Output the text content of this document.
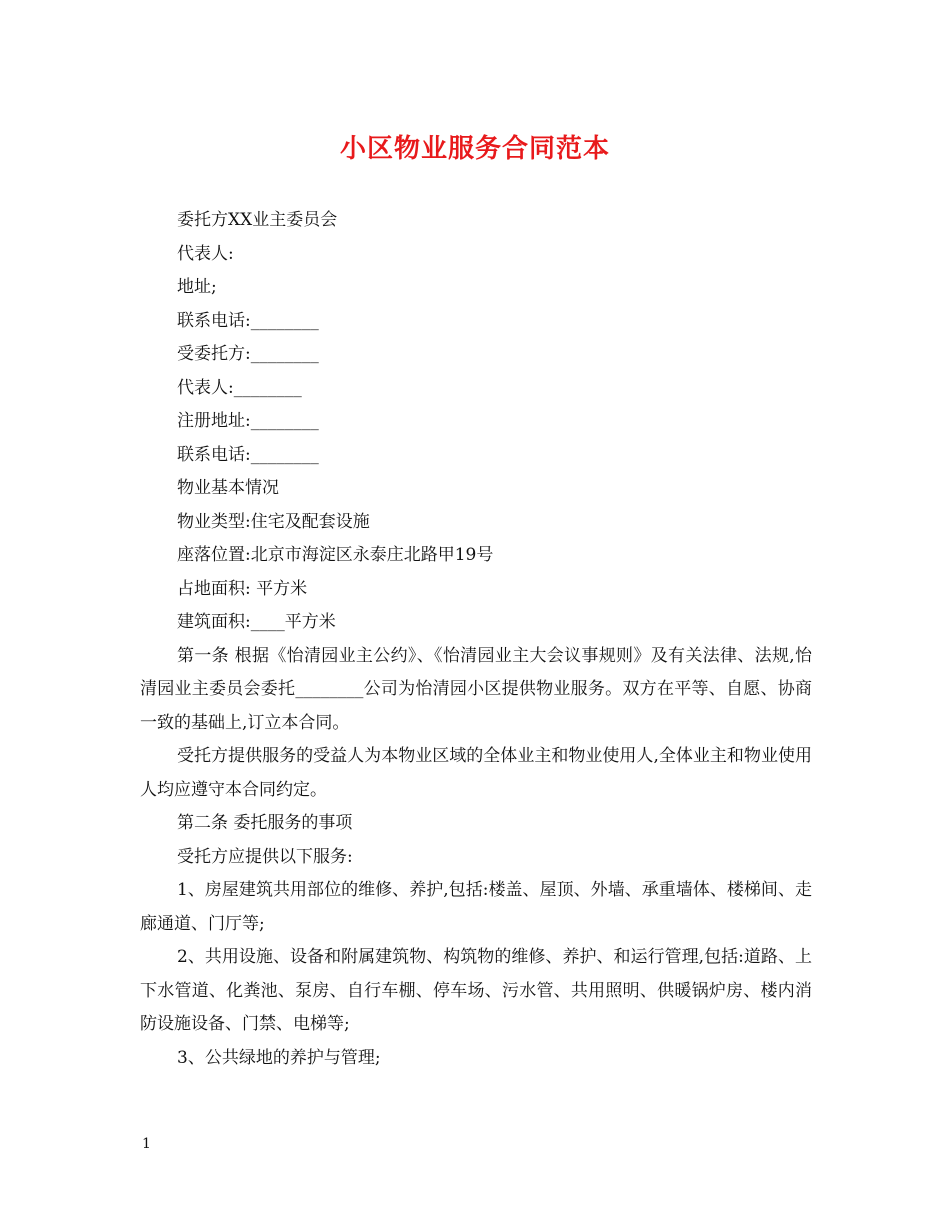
小区物业服务合同范本
委托方XX业主委员会
代表人:
地址;
联系电话:________
受委托方:________
代表人:________
注册地址:________
联系电话:________
物业基本情况
物业类型:住宅及配套设施
座落位置:北京市海淀区永泰庄北路甲19号
占地面积: 平方米
建筑面积:____平方米

第一条 根据《怡清园业主公约》、《怡清园业主大会议事规则》及有关法律、法规,怡清园业主委员会委托________公司为怡清园小区提供物业服务。双方在平等、自愿、协商一致的基础上,订立本合同。

受托方提供服务的受益人为本物业区域的全体业主和物业使用人,全体业主和物业使用人均应遵守本合同约定。

第二条 委托服务的事项

受托方应提供以下服务:

1、房屋建筑共用部位的维修、养护,包括:楼盖、屋顶、外墙、承重墙体、楼梯间、走廊通道、门厅等;

2、共用设施、设备和附属建筑物、构筑物的维修、养护、和运行管理,包括:道路、上下水管道、化粪池、泵房、自行车棚、停车场、污水管、共用照明、供暖锅炉房、楼内消防设施设备、门禁、电梯等;

3、公共绿地的养护与管理;

1
